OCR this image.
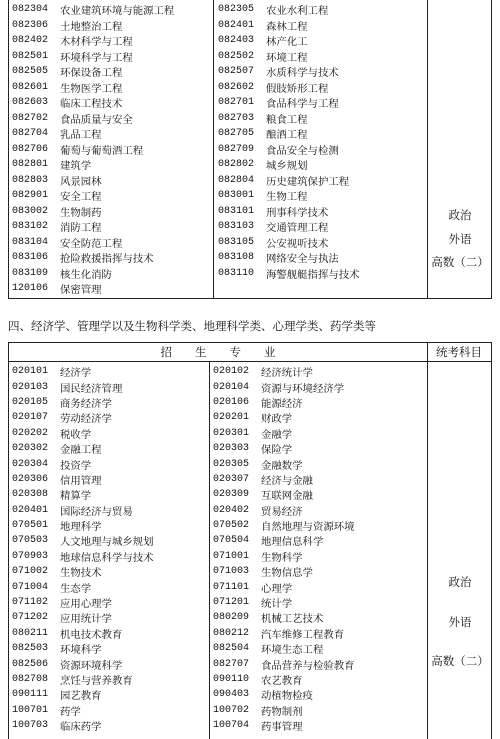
082304	农业建筑环境与能源工程
082306	土地整治工程
082402	木材科学与工程
082501	环境科学与工程
082505	环保设备工程
082601	生物医学工程
082603	临床工程技术
082702	食品质量与安全
082704	乳品工程
082706	葡萄与葡萄酒工程
082801	建筑学
082803	风景园林
082901	安全工程
083002	生物制药
083102	消防工程
083104	安全防范工程
083106	抢险救援指挥与技术
083109	核生化消防
120106	保密管理
082305	农业水利工程
082401	森林工程
082403	林产化工
082502	环境工程
082507	水质科学与技术
082602	假肢矫形工程
082701	食品科学与工程
082703	粮食工程
082705	酿酒工程
082709	食品安全与检测
082802	城乡规划
082804	历史建筑保护工程
083001	生物工程
083101	刑事科学技术
083103	交通管理工程
083105	公安视听技术
083108	网络安全与执法
083110	海警舰艇指挥与技术
政治
外语
高数（二）
四、经济学、管理学以及生物科学类、地理科学类、心理学类、药学类等
招　　生　　专　　业	统考科目
020101	经济学
020103	国民经济管理
020105	商务经济学
020107	劳动经济学
020202	税收学
020302	金融工程
020304	投资学
020306	信用管理
020308	精算学
020401	国际经济与贸易
070501	地理科学
070503	人文地理与城乡规划
070903	地球信息科学与技术
071002	生物技术
071004	生态学
071102	应用心理学
071202	应用统计学
080211	机电技术教育
082503	环境科学
082506	资源环境科学
082708	烹饪与营养教育
090111	园艺教育
100701	药学
100703	临床药学
020102	经济统计学
020104	资源与环境经济学
020106	能源经济
020201	财政学
020301	金融学
020303	保险学
020305	金融数学
020307	经济与金融
020309	互联网金融
020402	贸易经济
070502	自然地理与资源环境
070504	地理信息科学
071001	生物科学
071003	生物信息学
071101	心理学
071201	统计学
080209	机械工艺技术
080212	汽车维修工程教育
082504	环境生态工程
082707	食品营养与检验教育
090110	农艺教育
090403	动植物检疫
100702	药物制剂
100704	药事管理
政治
外语
高数（二）
